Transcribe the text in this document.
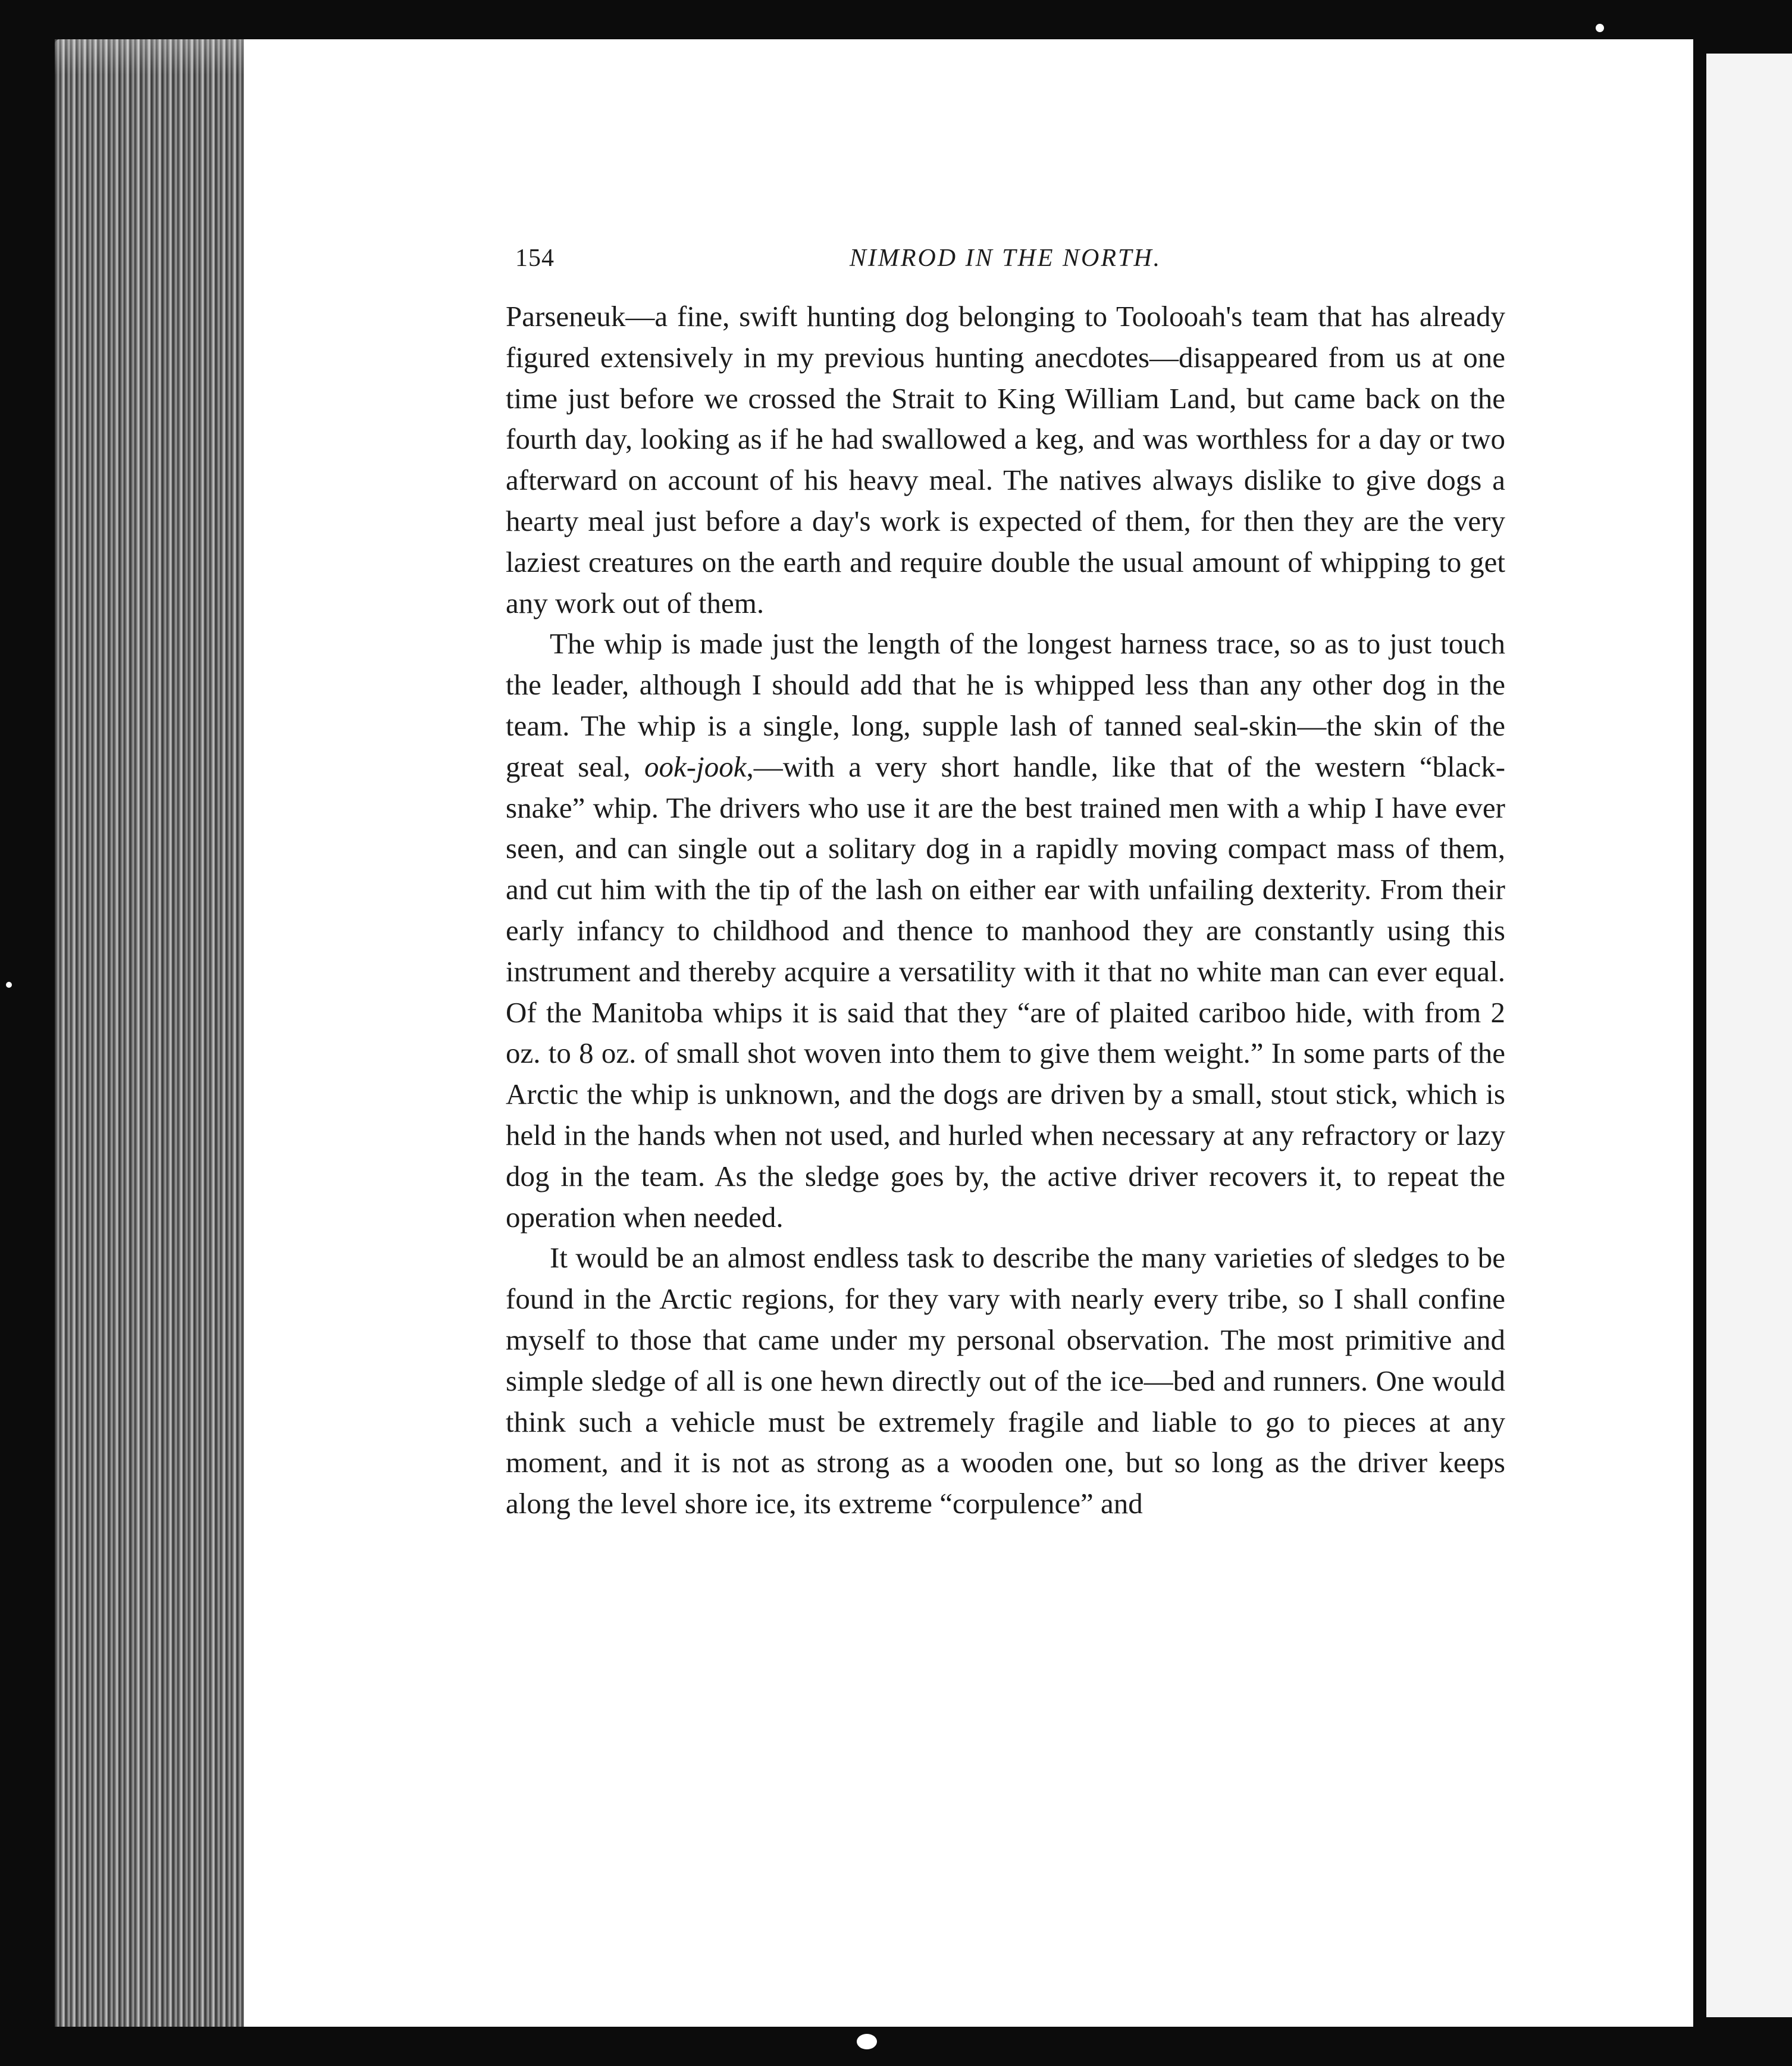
154	NIMROD IN THE NORTH.

Parseneuk—a fine, swift hunting dog belonging to Toolooah's team that has already figured extensively in my previous hunting anecdotes—disappeared from us at one time just before we crossed the Strait to King William Land, but came back on the fourth day, looking as if he had swallowed a keg, and was worthless for a day or two afterward on account of his heavy meal. The natives always dislike to give dogs a hearty meal just before a day's work is expected of them, for then they are the very laziest creatures on the earth and require double the usual amount of whipping to get any work out of them.

The whip is made just the length of the longest harness trace, so as to just touch the leader, although I should add that he is whipped less than any other dog in the team. The whip is a single, long, supple lash of tanned seal-skin—the skin of the great seal, ook-jook,—with a very short handle, like that of the western “black-snake” whip. The drivers who use it are the best trained men with a whip I have ever seen, and can single out a solitary dog in a rapidly moving compact mass of them, and cut him with the tip of the lash on either ear with unfailing dexterity. From their early infancy to childhood and thence to manhood they are constantly using this instrument and thereby acquire a versatility with it that no white man can ever equal. Of the Manitoba whips it is said that they “are of plaited cariboo hide, with from 2 oz. to 8 oz. of small shot woven into them to give them weight.” In some parts of the Arctic the whip is unknown, and the dogs are driven by a small, stout stick, which is held in the hands when not used, and hurled when necessary at any refractory or lazy dog in the team. As the sledge goes by, the active driver recovers it, to repeat the operation when needed.

It would be an almost endless task to describe the many varieties of sledges to be found in the Arctic regions, for they vary with nearly every tribe, so I shall confine myself to those that came under my personal observation. The most primitive and simple sledge of all is one hewn directly out of the ice—bed and runners. One would think such a vehicle must be extremely fragile and liable to go to pieces at any moment, and it is not as strong as a wooden one, but so long as the driver keeps along the level shore ice, its extreme “corpulence” and
